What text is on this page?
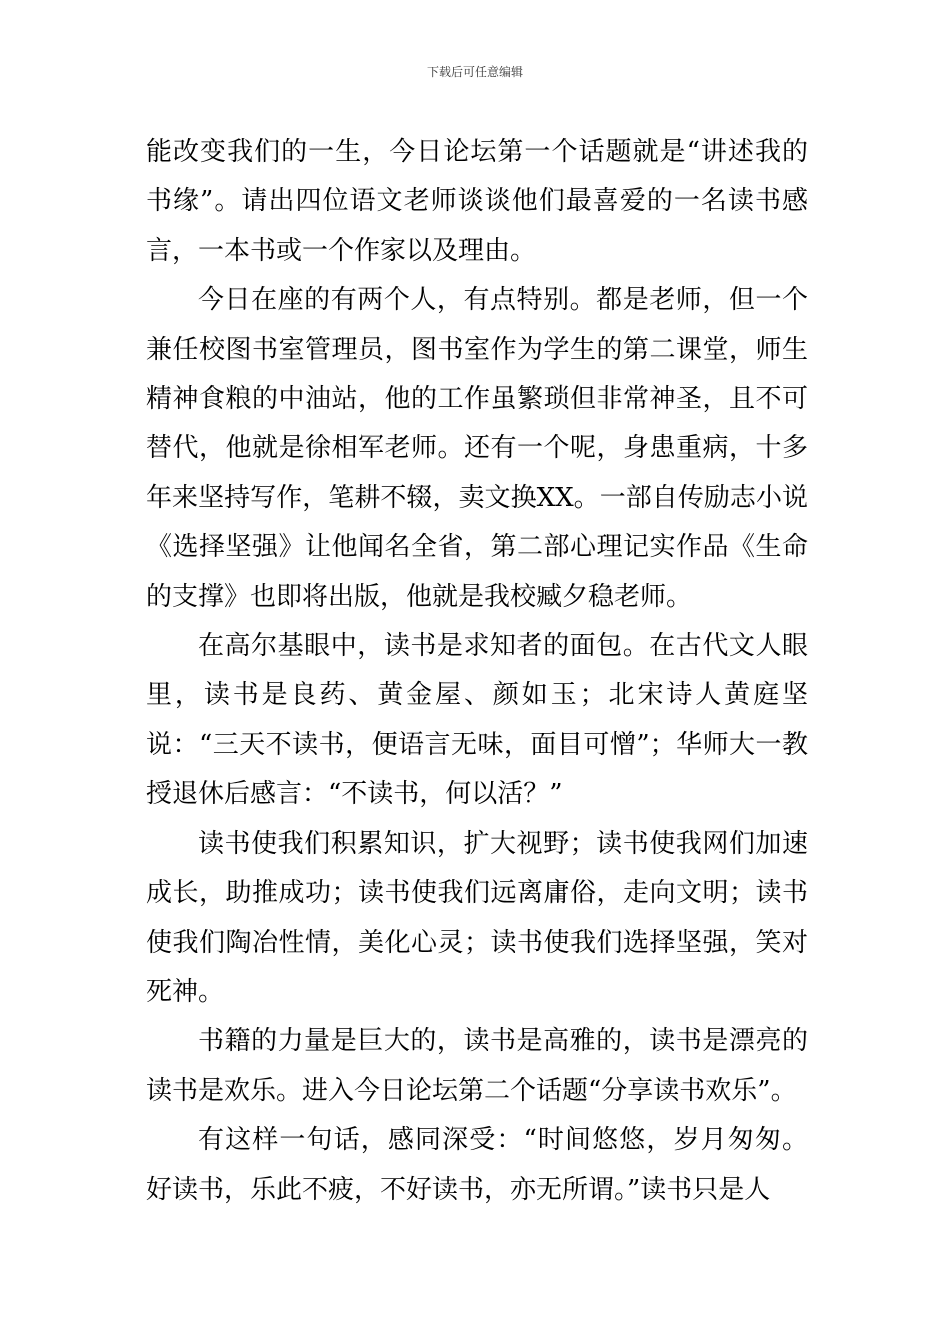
下载后可任意编辑

能改变我们的一生，今日论坛第一个话题就是“讲述我的书缘”。请出四位语文老师谈谈他们最喜爱的一名读书感言，一本书或一个作家以及理由。

今日在座的有两个人，有点特别。都是老师，但一个兼任校图书室管理员，图书室作为学生的第二课堂，师生精神食粮的中油站，他的工作虽繁琐但非常神圣，且不可替代，他就是徐相军老师。还有一个呢，身患重病，十多年来坚持写作，笔耕不辍，卖文换XX。一部自传励志小说《选择坚强》让他闻名全省，第二部心理记实作品《生命的支撑》也即将出版，他就是我校臧夕稳老师。

在高尔基眼中，读书是求知者的面包。在古代文人眼里，读书是良药、黄金屋、颜如玉；北宋诗人黄庭坚说：“三天不读书，便语言无味，面目可憎”；华师大一教授退休后感言：“不读书，何以活？”

读书使我们积累知识，扩大视野；读书使我网们加速成长，助推成功；读书使我们远离庸俗，走向文明；读书使我们陶冶性情，美化心灵；读书使我们选择坚强，笑对死神。

书籍的力量是巨大的，读书是高雅的，读书是漂亮的读书是欢乐。进入今日论坛第二个话题“分享读书欢乐”。

有这样一句话，感同深受：“时间悠悠，岁月匆匆。好读书，乐此不疲，不好读书，亦无所谓。”读书只是人
